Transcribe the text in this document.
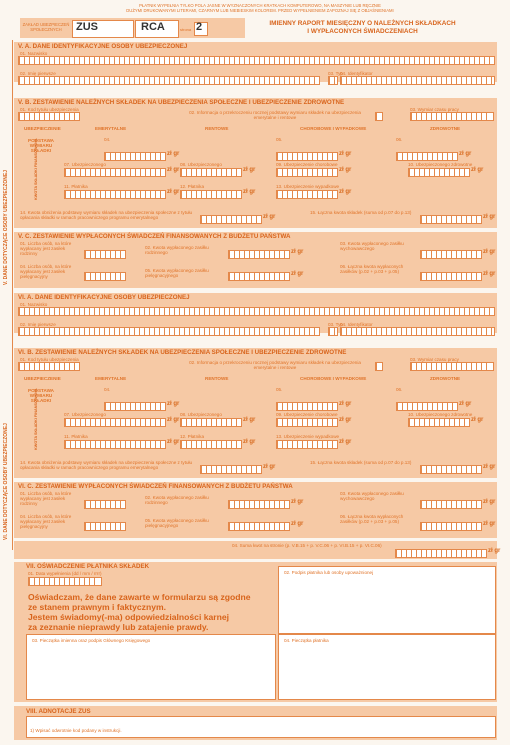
PŁATNIK WYPEŁNIA TYLKO POLA JASNE W WYZNACZONYCH KRATKACH KOMPUTEROWO, NA MASZYNIE LUB RĘCZNIE
DUŻYMI DRUKOWANYMI LITERAMI, CZARNYM LUB NIEBIESKIM KOLOREM. PRZED WYPEŁNIENIEM ZAPOZNAJ SIĘ Z OBJAŚNIENIAMI
ZAKŁAD UBEZPIECZEŃ SPOŁECZNYCH	ZUS	RCA	strona 2	IMIENNY RAPORT MIESIĘCZNY O NALEŻNYCH SKŁADKACH
I WYPŁACONYCH ŚWIADCZENIACH
V. DANE DOTYCZĄCE OSOBY UBEZPIECZONEJ
VI. DANE DOTYCZĄCE OSOBY UBEZPIECZONEJ
V. A. DANE IDENTYFIKACYJNE OSOBY UBEZPIECZONEJ
01. Nazwisko
02. Imię pierwsze	03. Typ
04. Identyfikator
V. B. ZESTAWIENIE NALEŻNYCH SKŁADEK NA UBEZPIECZENIA SPOŁECZNE I UBEZPIECZENIE ZDROWOTNE
01. Kod tytułu ubezpieczenia
02. Informacja o przekroczeniu rocznej podstawy wymiaru składek na ubezpieczenia emerytalne i rentowe
03. Wymiar czasu pracy
UBEZPIECZENIE	EMERYTALNE	RENTOWE	CHOROBOWE I WYPADKOWE	ZDROWOTNE
PODSTAWA WYMIARU SKŁADKI
04.	05.	06.
KWOTA SKŁADKI FINANSOWANA	07. Ubezpieczonego	08. Ubezpieczonego	09. Ubezpieczenie chorobowe	10. Ubezpieczonego zdrowotne
11. Płatnika	12. Płatnika	13. Ubezpieczenie wypadkowe
14. Kwota obniżenia podstawy wymiaru składek na ubezpieczenia społeczne z tytułu opłacania składki w ramach pracowniczego programu emerytalnego
15. Łączna kwota składek (suma od p.07 do p.13)
V. C. ZESTAWIENIE WYPŁACONYCH ŚWIADCZEŃ FINANSOWANYCH Z BUDŻETU PAŃSTWA
01. Liczba osób, na które wypłacany jest zasiłek rodzinny
02. Kwota wypłaconego zasiłku rodzinnego
03. Kwota wypłaconego zasiłku wychowawczego
04. Liczba osób, na które wypłacany jest zasiłek pielęgnacyjny
05. Kwota wypłaconego zasiłku pielęgnacyjnego
06. Łączna kwota wypłaconych zasiłków (p.02 + p.03 + p.05)
VI. A. DANE IDENTYFIKACYJNE OSOBY UBEZPIECZONEJ
01. Nazwisko
02. Imię pierwsze	03. Typ
04. Identyfikator
VI. B. ZESTAWIENIE NALEŻNYCH SKŁADEK NA UBEZPIECZENIA SPOŁECZNE I UBEZPIECZENIE ZDROWOTNE
01. Kod tytułu ubezpieczenia
02. Informacja o przekroczeniu rocznej podstawy wymiaru składek na ubezpieczenia emerytalne i rentowe
03. Wymiar czasu pracy
UBEZPIECZENIE	EMERYTALNE	RENTOWE	CHOROBOWE I WYPADKOWE	ZDROWOTNE
PODSTAWA WYMIARU SKŁADKI
04.	05.	06.
KWOTA SKŁADKI FINANSOWANA	07. Ubezpieczonego	08. Ubezpieczonego	09. Ubezpieczenie chorobowe	10. Ubezpieczonego zdrowotne
11. Płatnika	12. Płatnika	13. Ubezpieczenie wypadkowe
14. Kwota obniżenia podstawy wymiaru składek na ubezpieczenia społeczne z tytułu opłacania składki w ramach pracowniczego programu emerytalnego
15. Łączna kwota składek (suma od p.07 do p.13)
VI. C. ZESTAWIENIE WYPŁACONYCH ŚWIADCZEŃ FINANSOWANYCH Z BUDŻETU PAŃSTWA
01. Liczba osób, na które wypłacany jest zasiłek rodzinny
02. Kwota wypłaconego zasiłku rodzinnego
03. Kwota wypłaconego zasiłku wychowawczego
04. Liczba osób, na które wypłacany jest zasiłek pielęgnacyjny
05. Kwota wypłaconego zasiłku pielęgnacyjnego
06. Łączna kwota wypłaconych zasiłków (p.02 + p.03 + p.05)
04. Suma kwot na stronie (p. V.B.15 + p. V.C.06 + p. VI.B.15 + p. VI.C.06)
VII. OŚWIADCZENIE PŁATNIKA SKŁADEK
01. Data wypełnienia (dd / mm / rrrr)	02. Podpis płatnika lub osoby upoważnionej
Oświadczam, że dane zawarte w formularzu są zgodne
ze stanem prawnym i faktycznym.
Jestem świadomy(-ma) odpowiedzialności karnej
za zeznanie nieprawdy lub zatajenie prawdy.
03. Pieczątka imienna oraz podpis Głównego Księgowego	04. Pieczątka płatnika
VIII. ADNOTACJE ZUS
1) Wpisać odwrotnie kod podany w instrukcji.
zł gr	zł gr	zł gr
zł gr	zł gr	zł gr	zł gr
zł gr	zł gr	zł gr
zł gr	zł gr
zł gr	zł gr
zł gr	zł gr
zł gr	zł gr	zł gr
zł gr	zł gr	zł gr	zł gr
zł gr	zł gr	zł gr
zł gr	zł gr
zł gr	zł gr
zł gr	zł gr
zł gr
